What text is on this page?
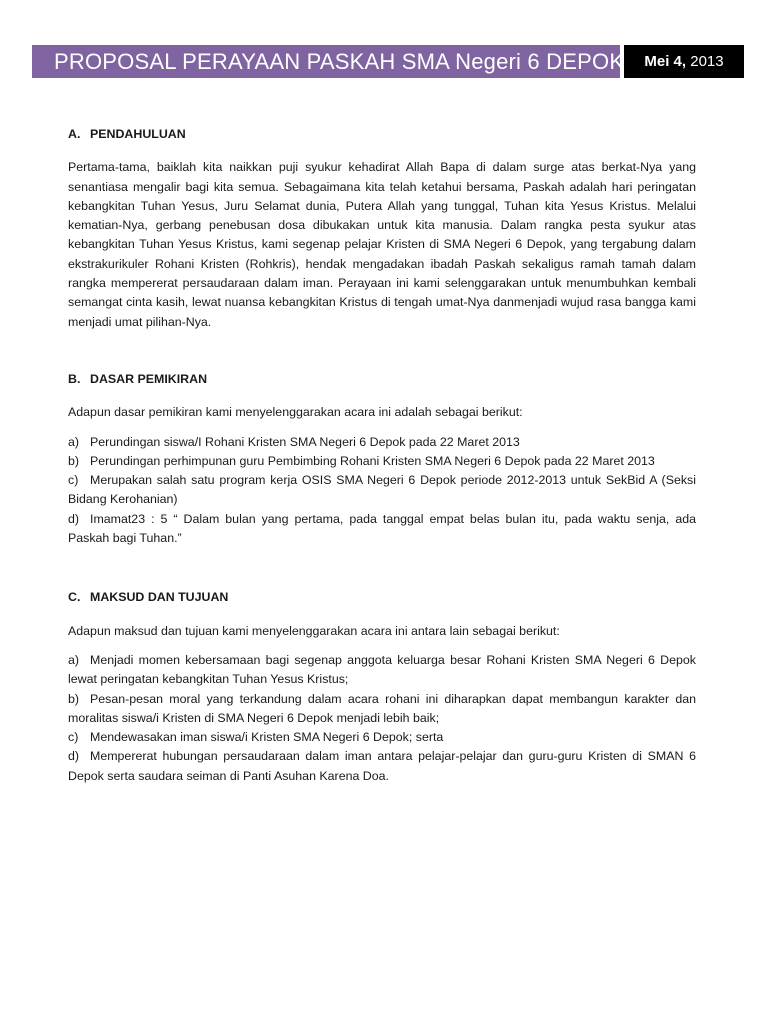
PROPOSAL PERAYAAN PASKAH SMA Negeri 6 DEPOK	Mei 4, 2013
A. PENDAHULUAN

Pertama-tama, baiklah kita naikkan puji syukur kehadirat Allah Bapa di dalam surge atas berkat-Nya yang senantiasa mengalir bagi kita semua. Sebagaimana kita telah ketahui bersama, Paskah adalah hari peringatan kebangkitan Tuhan Yesus, Juru Selamat dunia, Putera Allah yang tunggal, Tuhan kita Yesus Kristus. Melalui kematian-Nya, gerbang penebusan dosa dibukakan untuk kita manusia. Dalam rangka pesta syukur atas kebangkitan Tuhan Yesus Kristus, kami segenap pelajar Kristen di SMA Negeri 6 Depok, yang tergabung dalam ekstrakurikuler Rohani Kristen (Rohkris), hendak mengadakan ibadah Paskah sekaligus ramah tamah dalam rangka mempererat persaudaraan dalam iman. Perayaan ini kami selenggarakan untuk menumbuhkan kembali semangat cinta kasih, lewat nuansa kebangkitan Kristus di tengah umat-Nya danmenjadi wujud rasa bangga kami menjadi umat pilihan-Nya.

B. DASAR PEMIKIRAN

Adapun dasar pemikiran kami menyelenggarakan acara ini adalah sebagai berikut:

a) Perundingan siswa/I Rohani Kristen SMA Negeri 6 Depok pada 22 Maret 2013
b) Perundingan perhimpunan guru Pembimbing Rohani Kristen SMA Negeri 6 Depok pada 22 Maret 2013
c) Merupakan salah satu program kerja OSIS SMA Negeri 6 Depok periode 2012-2013 untuk SekBid A (Seksi Bidang Kerohanian)
d) Imamat23 : 5 “ Dalam bulan yang pertama, pada tanggal empat belas bulan itu, pada waktu senja, ada Paskah bagi Tuhan.”
C. MAKSUD DAN TUJUAN

Adapun maksud dan tujuan kami menyelenggarakan acara ini antara lain sebagai berikut:

a) Menjadi momen kebersamaan bagi segenap anggota keluarga besar Rohani Kristen SMA Negeri 6 Depok lewat peringatan kebangkitan Tuhan Yesus Kristus;
b) Pesan-pesan moral yang terkandung dalam acara rohani ini diharapkan dapat membangun karakter dan moralitas siswa/i Kristen di SMA Negeri 6 Depok menjadi lebih baik;
c) Mendewasakan iman siswa/i Kristen SMA Negeri 6 Depok; serta
d) Mempererat hubungan persaudaraan dalam iman antara pelajar-pelajar dan guru-guru Kristen di SMAN 6 Depok serta saudara seiman di Panti Asuhan Karena Doa.
